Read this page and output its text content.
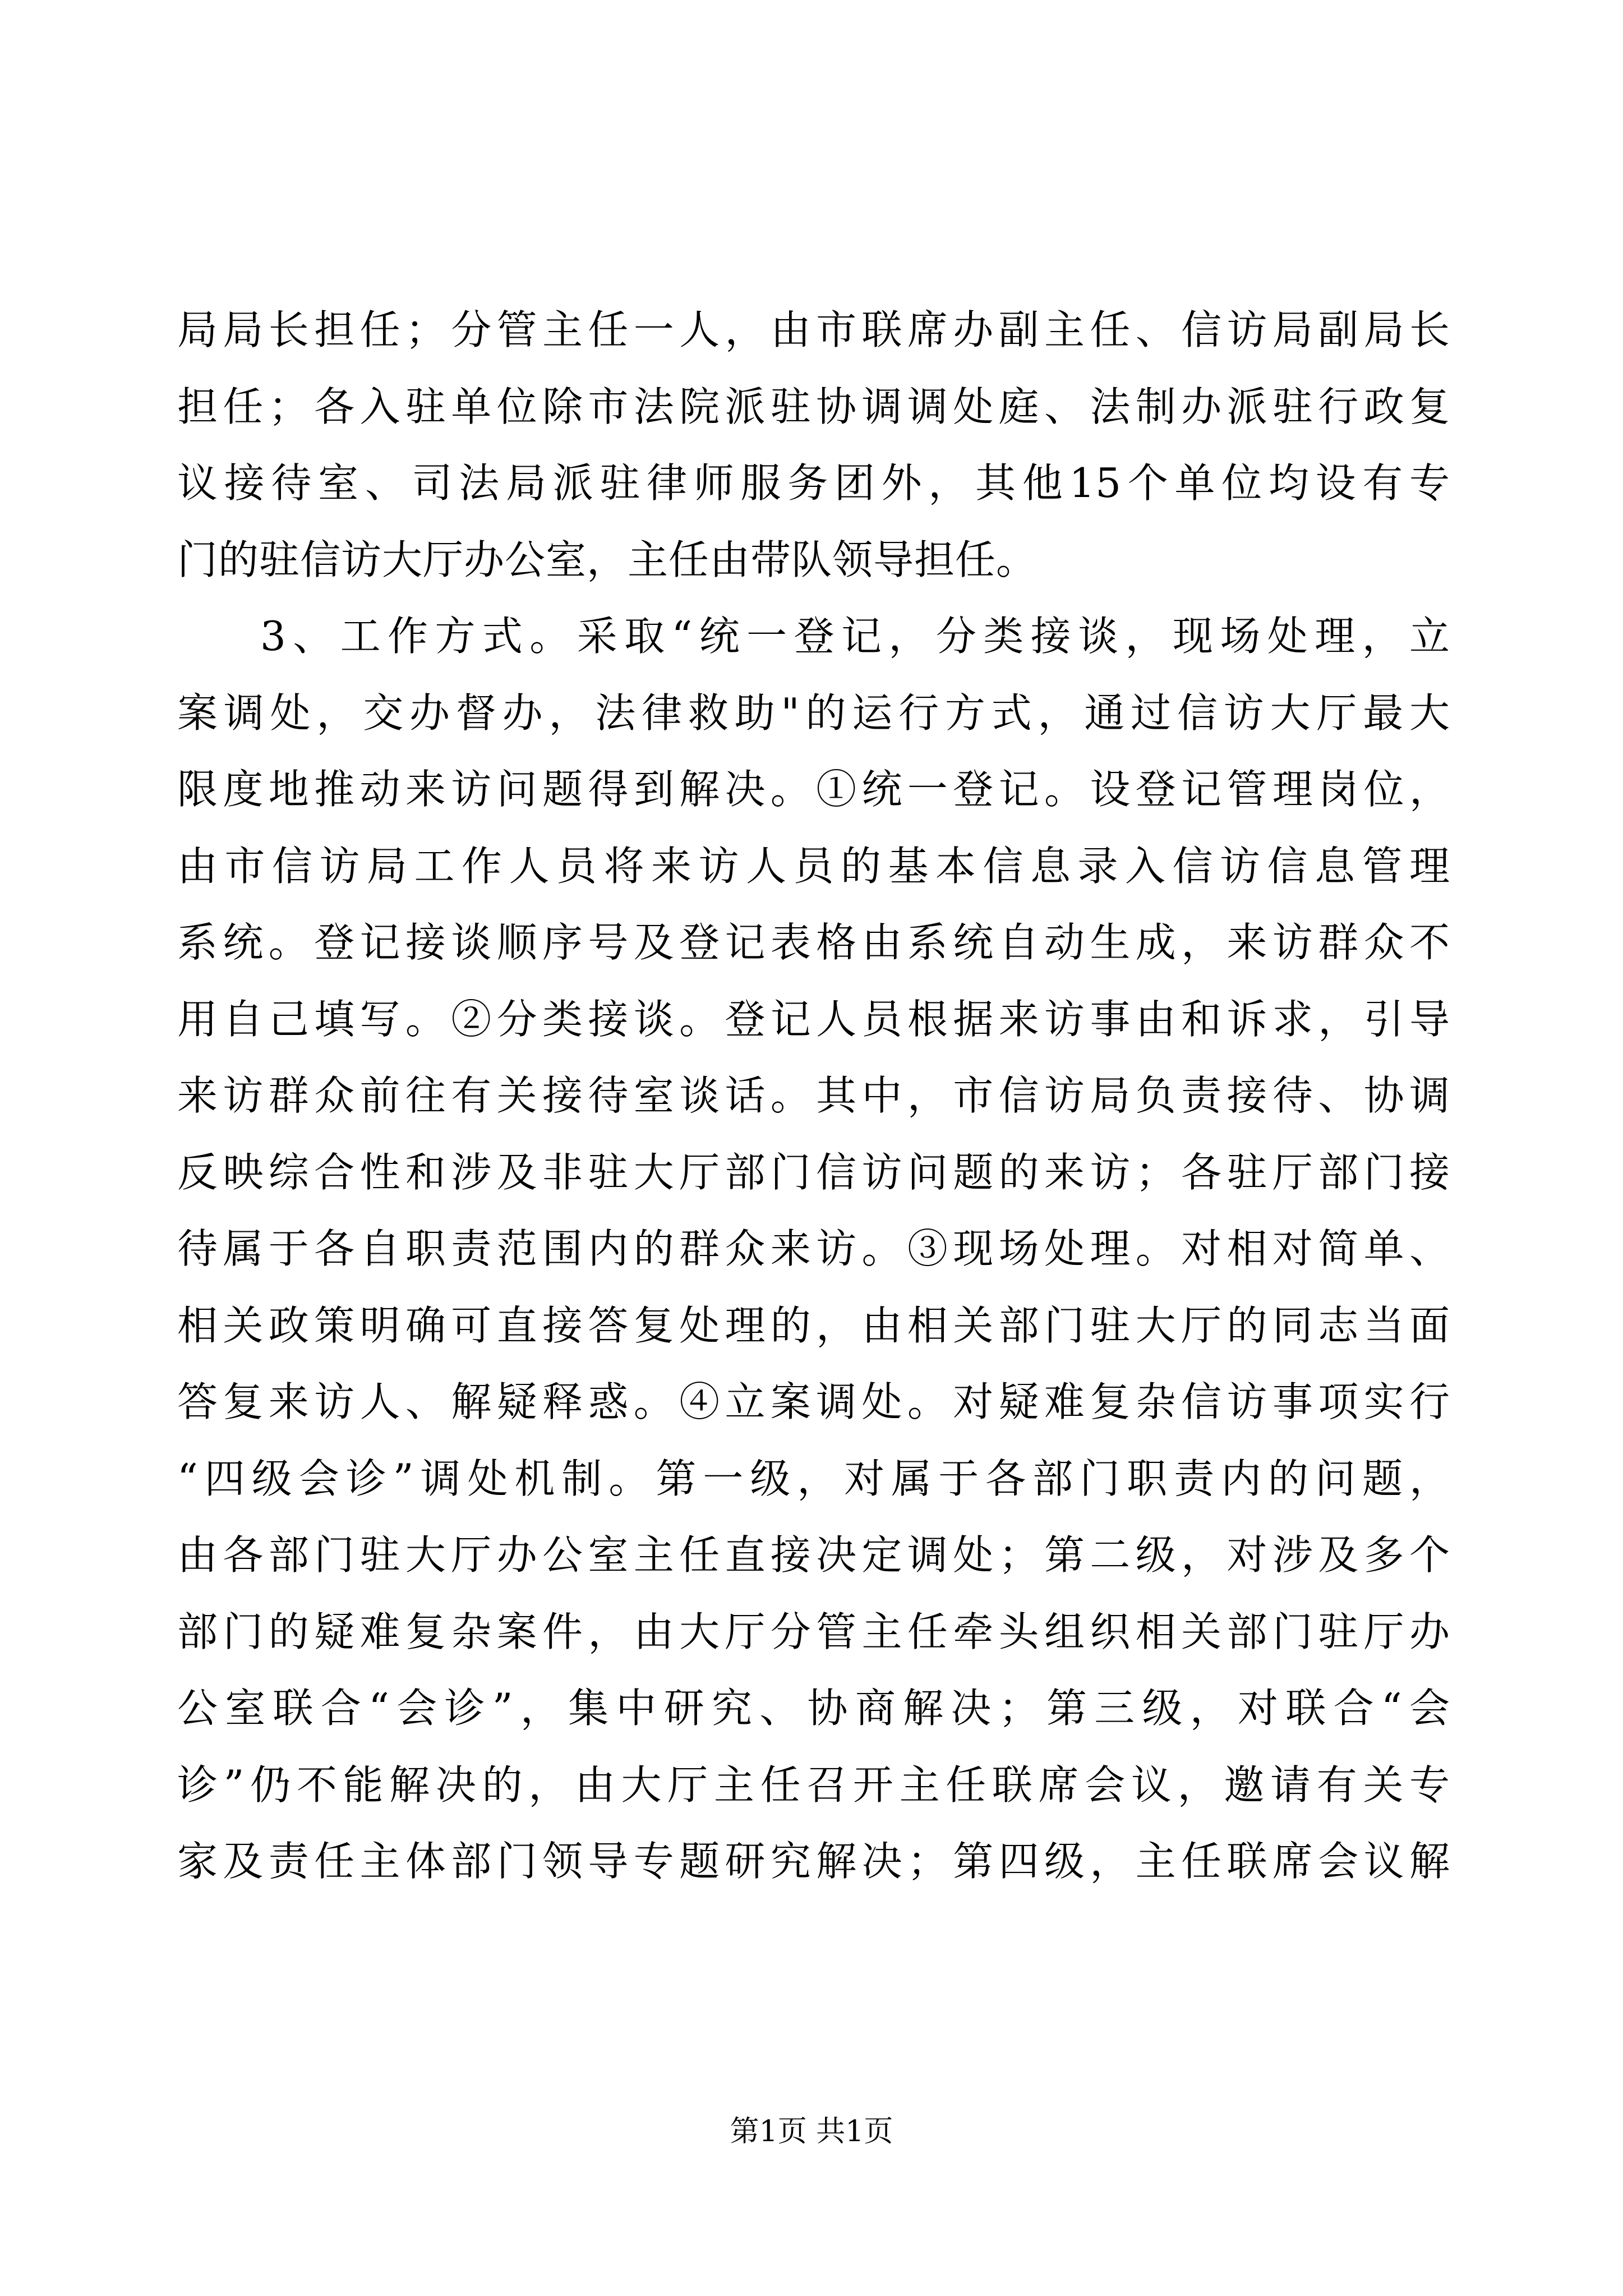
局局长担任；分管主任一人，由市联席办副主任、信访局副局长
担任；各入驻单位除市法院派驻协调调处庭、法制办派驻行政复
议接待室、司法局派驻律师服务团外，其他15个单位均设有专
门的驻信访大厅办公室，主任由带队领导担任。
3、工作方式。采取“统一登记，分类接谈，现场处理，立
案调处，交办督办，法律救助"的运行方式，通过信访大厅最大
限度地推动来访问题得到解决。①统一登记。设登记管理岗位，
由市信访局工作人员将来访人员的基本信息录入信访信息管理
系统。登记接谈顺序号及登记表格由系统自动生成，来访群众不
用自己填写。②分类接谈。登记人员根据来访事由和诉求，引导
来访群众前往有关接待室谈话。其中，市信访局负责接待、协调
反映综合性和涉及非驻大厅部门信访问题的来访；各驻厅部门接
待属于各自职责范围内的群众来访。③现场处理。对相对简单、
相关政策明确可直接答复处理的，由相关部门驻大厅的同志当面
答复来访人、解疑释惑。④立案调处。对疑难复杂信访事项实行
“四级会诊”调处机制。第一级，对属于各部门职责内的问题，
由各部门驻大厅办公室主任直接决定调处；第二级，对涉及多个
部门的疑难复杂案件，由大厅分管主任牵头组织相关部门驻厅办
公室联合“会诊”，集中研究、协商解决；第三级，对联合“会
诊”仍不能解决的，由大厅主任召开主任联席会议，邀请有关专
家及责任主体部门领导专题研究解决；第四级，主任联席会议解
第1页 共1页
